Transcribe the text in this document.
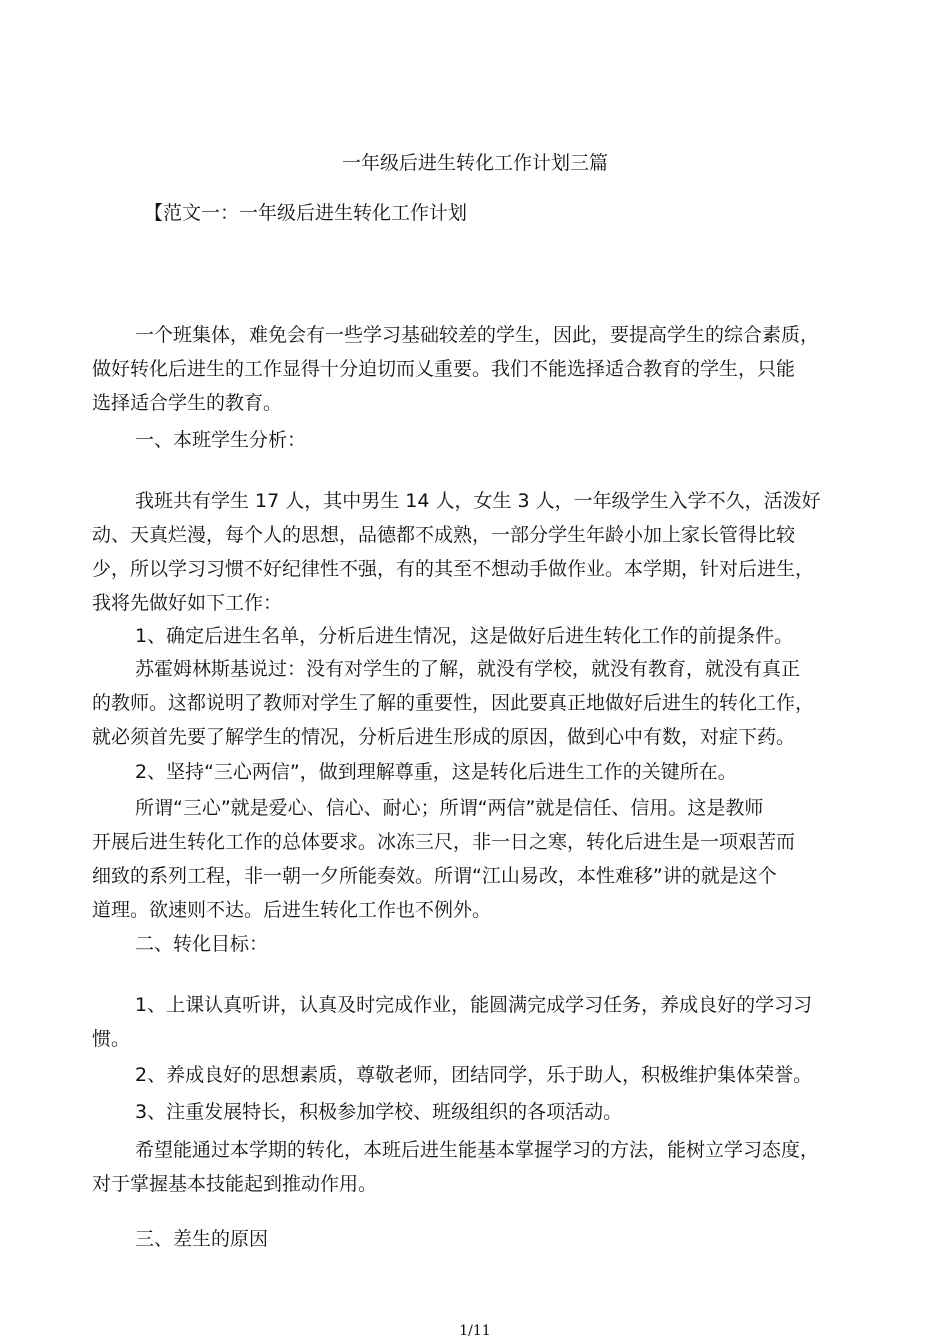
一年级后进生转化工作计划三篇
【范文一：一年级后进生转化工作计划

一个班集体，难免会有一些学习基础较差的学生，因此，要提高学生的综合素质，
做好转化后进生的工作显得十分迫切而乂重要。我们不能选择适合教育的学生，只能
选择适合学生的教育。

一、本班学生分析：

我班共有学生 17 人，其中男生 14 人，女生 3 人，一年级学生入学不久，活泼好
动、天真烂漫，每个人的思想，品德都不成熟，一部分学生年龄小加上家长管得比较
少，所以学习习惯不好纪律性不强，有的其至不想动手做作业。本学期，针对后进生，
我将先做好如下工作：

1、确定后进生名单，分析后进生情况，这是做好后进生转化工作的前提条件。

苏霍姆林斯基说过：没有对学生的了解，就没有学校，就没有教育，就没有真正
的教师。这都说明了教师对学生了解的重要性，因此要真正地做好后进生的转化工作，
就必须首先要了解学生的情况，分析后进生形成的原因，做到心中有数，对症下药。

2、坚持“三心两信”，做到理解尊重，这是转化后进生工作的关键所在。

所谓“三心”就是爱心、信心、耐心；所谓“两信”就是信任、信用。这是教师
开展后进生转化工作的总体要求。冰冻三尺，非一日之寒，转化后进生是一项艰苦而
细致的系列工程，非一朝一夕所能奏效。所谓“江山易改，本性难移”讲的就是这个
道理。欲速则不达。后进生转化工作也不例外。

二、转化目标：

1、上课认真听讲，认真及时完成作业，能圆满完成学习任务，养成良好的学习习
惯。

2、养成良好的思想素质，尊敬老师，团结同学，乐于助人，积极维护集体荣誉。

3、注重发展特长，积极参加学校、班级组织的各项活动。

希望能通过本学期的转化，本班后进生能基本掌握学习的方法，能树立学习态度，
对于掌握基本技能起到推动作用。

三、差生的原因

1/11
